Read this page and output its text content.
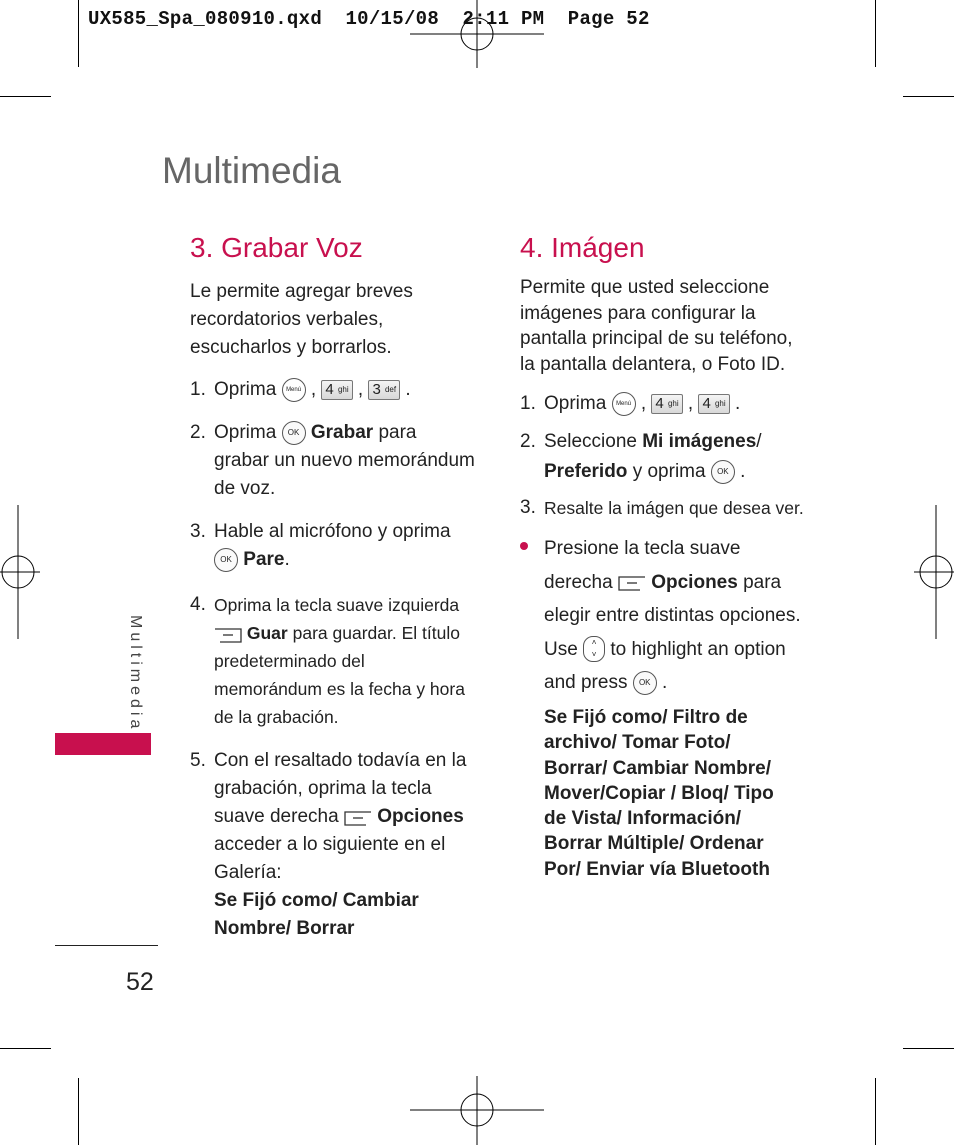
UX585_Spa_080910.qxd  10/15/08  2:11 PM  Page 52
Multimedia
Multimedia
52
3. Grabar Voz
Le permite agregar breves
recordatorios verbales,
escucharlos y borrarlos.
1. Oprima Menú , 4 $^{ghi}$ , 3 $^{def}$ .
2. Oprima OK Grabar para
grabar un nuevo memorándum
de voz.
3. Hable al micrófono y oprima
OK Pare.
4. Oprima la tecla suave izquierda
Guar para guardar. El título
predeterminado del
memorándum es la fecha y hora
de la grabación.
5. Con el resaltado todavía en la
grabación, oprima la tecla
suave derecha Opciones
acceder a lo siguiente en el
Galería:
Se Fijó como/ Cambiar
Nombre/ Borrar
4. Imágen
Permite que usted seleccione
imágenes para configurar la
pantalla principal de su teléfono,
la pantalla delantera, o Foto ID.
1. Oprima Menú , 4 $^{ghi}$ , 4 $^{ghi}$ .
2. Seleccione Mi imágenes/
Preferido y oprima OK .
3. Resalte la imágen que desea ver.
Presione la tecla suave
derecha Opciones para
elegir entre distintas opciones.
Use ˄
˅ to highlight an option
and press OK .
Se Fijó como/ Filtro de
archivo/ Tomar Foto/
Borrar/ Cambiar Nombre/
Mover/Copiar / Bloq/ Tipo
de Vista/ Información/
Borrar Múltiple/ Ordenar
Por/ Enviar vía Bluetooth
